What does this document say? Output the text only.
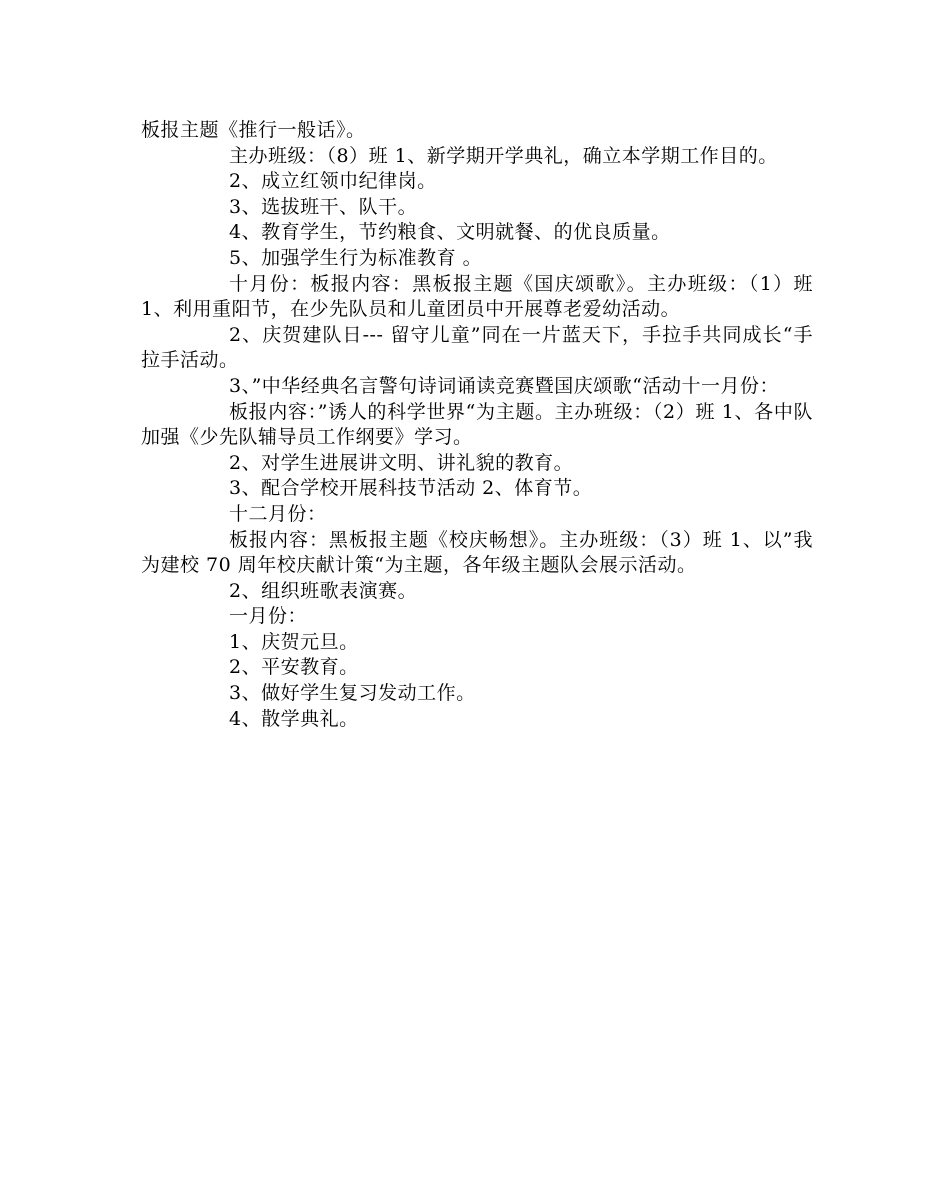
板报主题《推行一般话》。

主办班级：（8）班 1、新学期开学典礼，确立本学期工作目的。

2、成立红领巾纪律岗。

3、选拔班干、队干。

4、教育学生，节约粮食、文明就餐、的优良质量。

5、加强学生行为标准教育 。

十月份：板报内容：黑板报主题《国庆颂歌》。主办班级：（1）班 1、利用重阳节，在少先队员和儿童团员中开展尊老爱幼活动。

2、庆贺建队日--- 留守儿童”同在一片蓝天下，手拉手共同成长“手拉手活动。

3、”中华经典名言警句诗词诵读竞赛暨国庆颂歌“活动十一月份：

板报内容：”诱人的科学世界“为主题。主办班级：（2）班 1、各中队加强《少先队辅导员工作纲要》学习。

2、对学生进展讲文明、讲礼貌的教育。

3、配合学校开展科技节活动 2、体育节。

十二月份：

板报内容：黑板报主题《校庆畅想》。主办班级：（3）班 1、以”我为建校 70 周年校庆献计策“为主题，各年级主题队会展示活动。

2、组织班歌表演赛。

一月份：

1、庆贺元旦。

2、平安教育。

3、做好学生复习发动工作。

4、散学典礼。
